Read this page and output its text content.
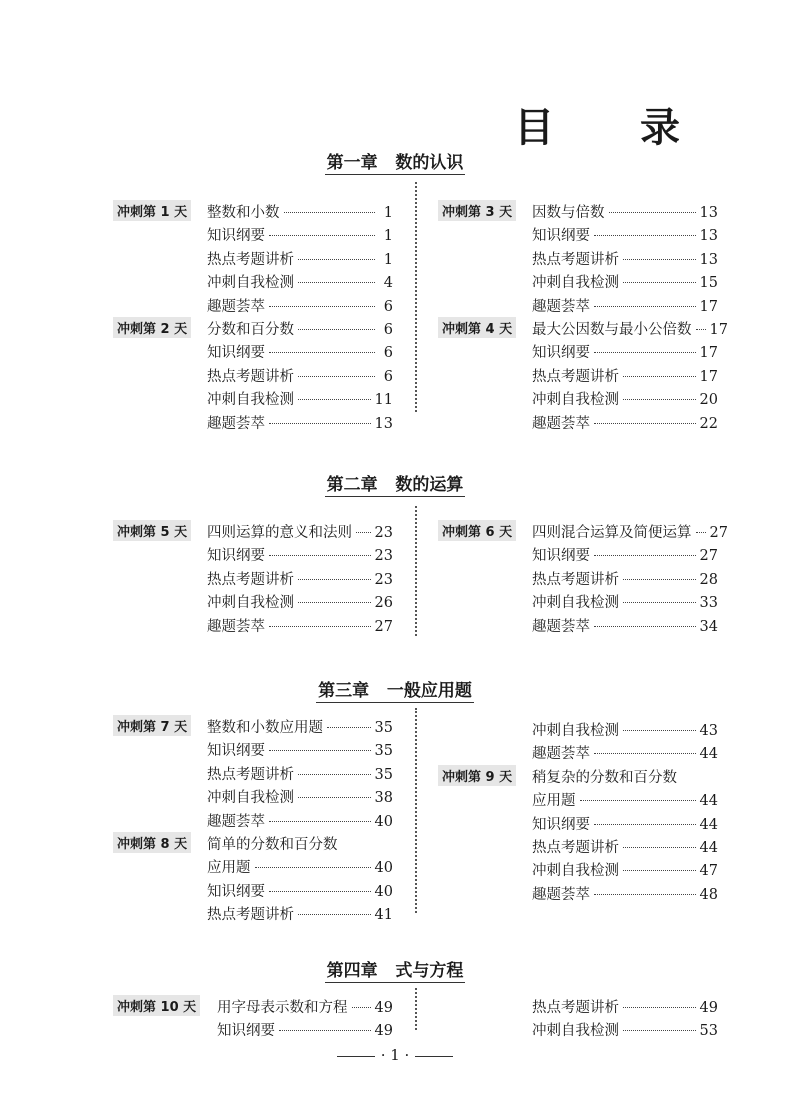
目 录
第一章   数的认识
冲刺第 1 天 整数和小数	1
知识纲要	1
热点考题讲析	1
冲刺自我检测	4
趣题荟萃	6
冲刺第 2 天 分数和百分数	6
知识纲要	6
热点考题讲析	6
冲刺自我检测	11
趣题荟萃	13
冲刺第 3 天 因数与倍数	13
知识纲要	13
热点考题讲析	13
冲刺自我检测	15
趣题荟萃	17
冲刺第 4 天 最大公因数与最小公倍数 17
知识纲要	17
热点考题讲析	17
冲刺自我检测	20
趣题荟萃	22
第二章   数的运算
冲刺第 5 天 四则运算的意义和法则 23
知识纲要	23
热点考题讲析	23
冲刺自我检测	26
趣题荟萃	27
冲刺第 6 天 四则混合运算及简便运算 27
知识纲要	27
热点考题讲析	28
冲刺自我检测	33
趣题荟萃	34
第三章   一般应用题
冲刺第 7 天 整数和小数应用题	35
知识纲要	35
热点考题讲析	35
冲刺自我检测	38
趣题荟萃	40
冲刺第 8 天 简单的分数和百分数
应用题	40
知识纲要	40
热点考题讲析	41
冲刺自我检测	43
趣题荟萃	44
冲刺第 9 天 稍复杂的分数和百分数
应用题	44
知识纲要	44
热点考题讲析	44
冲刺自我检测	47
趣题荟萃	48
第四章   式与方程
冲刺第 10 天 用字母表示数和方程 49
知识纲要	49
热点考题讲析	49
冲刺自我检测	53
· 1 ·
